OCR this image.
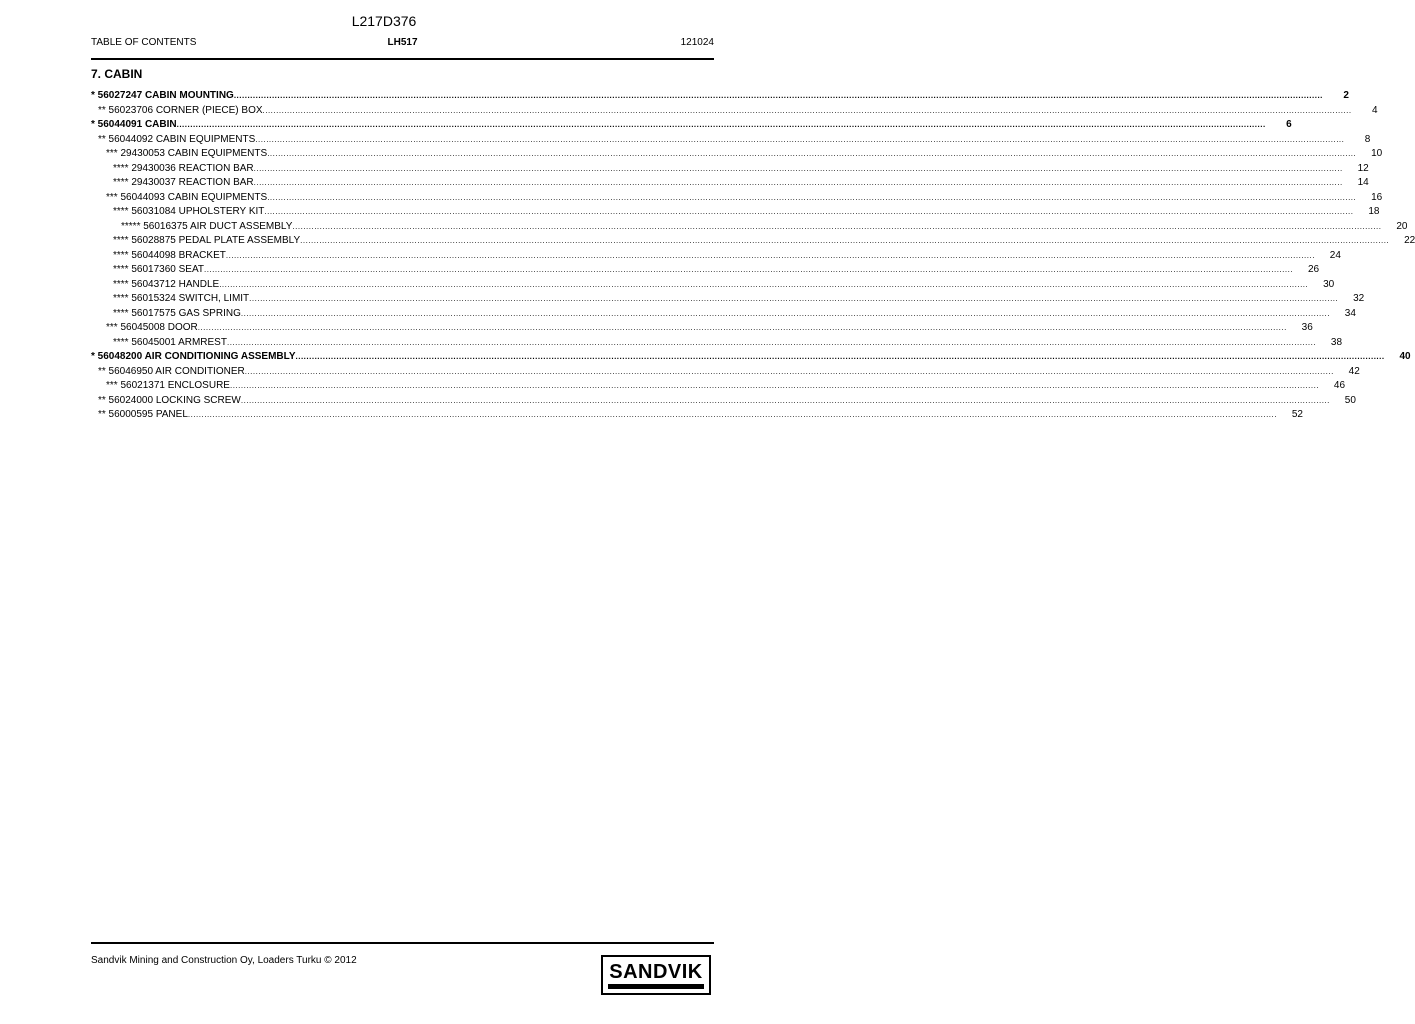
L217D376
TABLE OF CONTENTS	LH517	121024
7. CABIN
* 56027247 CABIN MOUNTING ................................................................................................................................................................................................................................................................................................................................................................................................................	2
** 56023706 CORNER (PIECE) BOX ................................................................................................................................................................................................................................................................................................................................................................................................................	4
* 56044091 CABIN ................................................................................................................................................................................................................................................................................................................................................................................................................	6
** 56044092 CABIN EQUIPMENTS ................................................................................................................................................................................................................................................................................................................................................................................................................	8
*** 29430053 CABIN EQUIPMENTS ................................................................................................................................................................................................................................................................................................................................................................................................................	10
**** 29430036 REACTION BAR ................................................................................................................................................................................................................................................................................................................................................................................................................	12
**** 29430037 REACTION BAR ................................................................................................................................................................................................................................................................................................................................................................................................................	14
*** 56044093 CABIN EQUIPMENTS ................................................................................................................................................................................................................................................................................................................................................................................................................	16
**** 56031084 UPHOLSTERY KIT ................................................................................................................................................................................................................................................................................................................................................................................................................	18
***** 56016375 AIR DUCT ASSEMBLY ................................................................................................................................................................................................................................................................................................................................................................................................................	20
**** 56028875 PEDAL PLATE ASSEMBLY ................................................................................................................................................................................................................................................................................................................................................................................................................	22
**** 56044098 BRACKET ................................................................................................................................................................................................................................................................................................................................................................................................................	24
**** 56017360 SEAT ................................................................................................................................................................................................................................................................................................................................................................................................................	26
**** 56043712 HANDLE ................................................................................................................................................................................................................................................................................................................................................................................................................	30
**** 56015324 SWITCH, LIMIT ................................................................................................................................................................................................................................................................................................................................................................................................................	32
**** 56017575 GAS SPRING ................................................................................................................................................................................................................................................................................................................................................................................................................	34
*** 56045008 DOOR ................................................................................................................................................................................................................................................................................................................................................................................................................	36
**** 56045001 ARMREST ................................................................................................................................................................................................................................................................................................................................................................................................................	38
* 56048200 AIR CONDITIONING ASSEMBLY ................................................................................................................................................................................................................................................................................................................................................................................................................	40
** 56046950 AIR CONDITIONER ................................................................................................................................................................................................................................................................................................................................................................................................................	42
*** 56021371 ENCLOSURE ................................................................................................................................................................................................................................................................................................................................................................................................................	46
** 56024000 LOCKING SCREW ................................................................................................................................................................................................................................................................................................................................................................................................................	50
** 56000595 PANEL ................................................................................................................................................................................................................................................................................................................................................................................................................	52
Sandvik Mining and Construction Oy, Loaders Turku © 2012	SANDVIK
